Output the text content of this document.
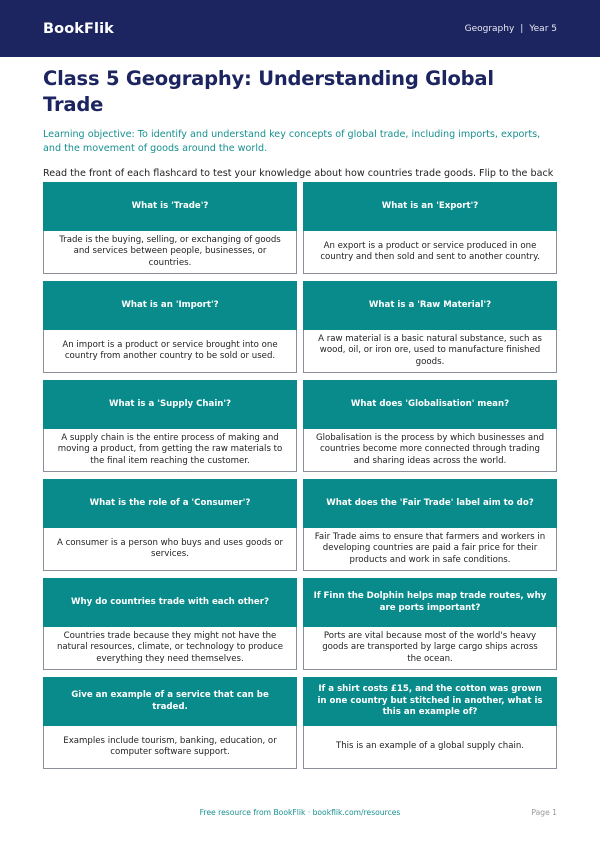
BookFlik	Geography | Year 5
Class 5 Geography: Understanding Global Trade

Learning objective: To identify and understand key concepts of global trade, including imports, exports, and the movement of goods around the world.

Read the front of each flashcard to test your knowledge about how countries trade goods. Flip to the back

What is 'Trade'?
Trade is the buying, selling, or exchanging of goods and services between people, businesses, or countries.
What is an 'Export'?
An export is a product or service produced in one country and then sold and sent to another country.
What is an 'Import'?
An import is a product or service brought into one country from another country to be sold or used.
What is a 'Raw Material'?
A raw material is a basic natural substance, such as wood, oil, or iron ore, used to manufacture finished goods.
What is a 'Supply Chain'?
A supply chain is the entire process of making and moving a product, from getting the raw materials to the final item reaching the customer.
What does 'Globalisation' mean?
Globalisation is the process by which businesses and countries become more connected through trading and sharing ideas across the world.
What is the role of a 'Consumer'?
A consumer is a person who buys and uses goods or services.
What does the 'Fair Trade' label aim to do?
Fair Trade aims to ensure that farmers and workers in developing countries are paid a fair price for their products and work in safe conditions.
Why do countries trade with each other?
Countries trade because they might not have the natural resources, climate, or technology to produce everything they need themselves.
If Finn the Dolphin helps map trade routes, why are ports important?
Ports are vital because most of the world's heavy goods are transported by large cargo ships across the ocean.
Give an example of a service that can be traded.
Examples include tourism, banking, education, or computer software support.
If a shirt costs £15, and the cotton was grown in one country but stitched in another, what is this an example of?
This is an example of a global supply chain.
Free resource from BookFlik · bookflik.com/resources	Page 1
